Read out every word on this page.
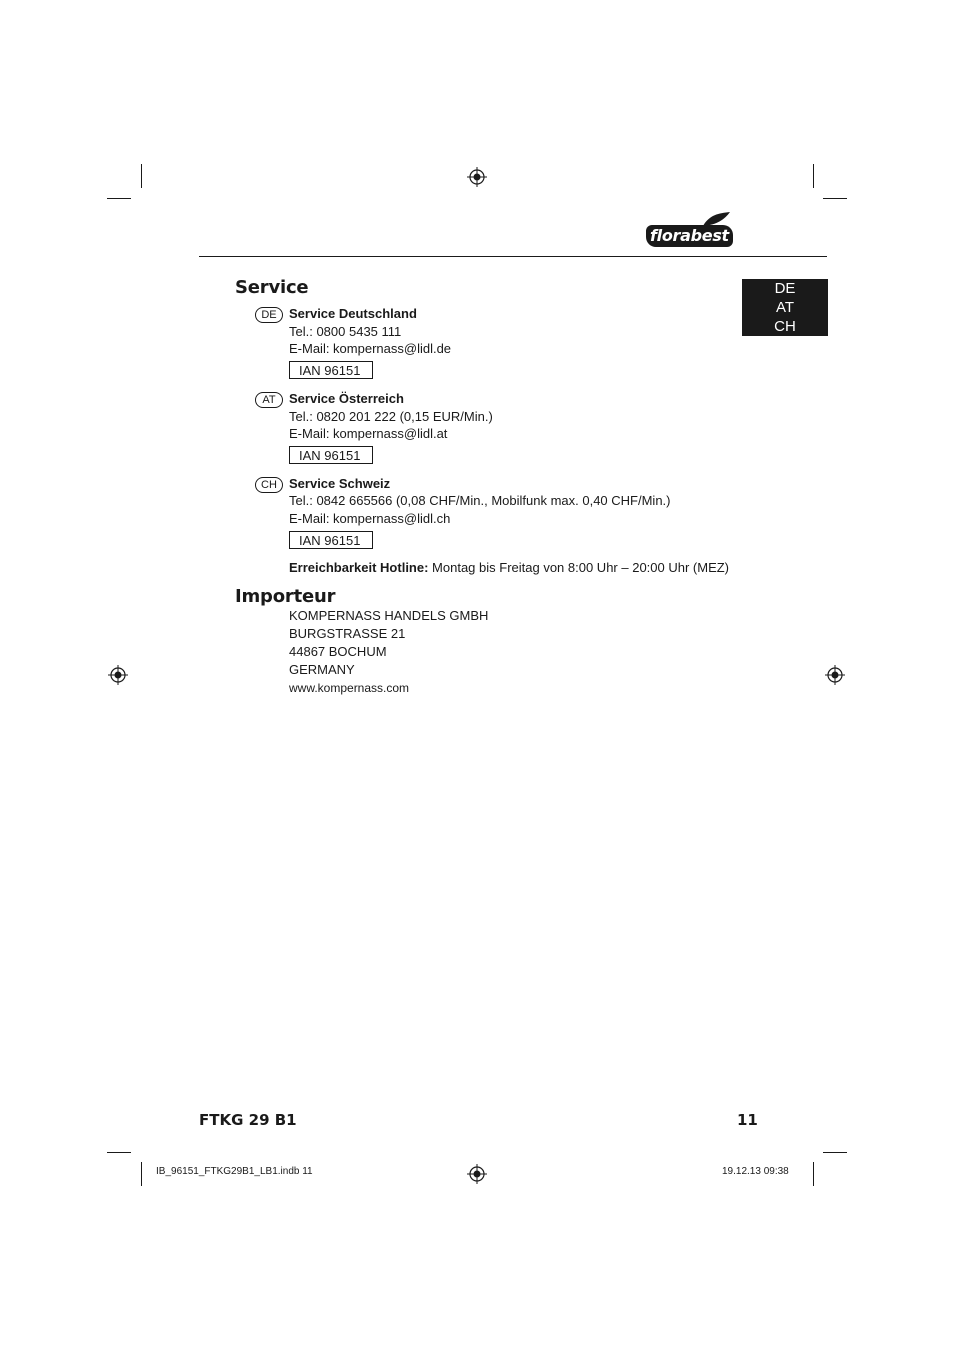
florabest
DE
AT
CH
Service
DE Service Deutschland
Tel.: 0800 5435 111
E-Mail: kompernass@lidl.de
IAN 96151
AT	Service Österreich
Tel.: 0820 201 222 (0,15 EUR/Min.)
E-Mail: kompernass@lidl.at
IAN 96151
CH Service Schweiz
Tel.: 0842 665566 (0,08 CHF/Min., Mobilfunk max. 0,40 CHF/Min.)
E-Mail: kompernass@lidl.ch
IAN 96151
Erreichbarkeit Hotline: Montag bis Freitag von 8:00 Uhr – 20:00 Uhr (MEZ)
Importeur
KOMPERNASS HANDELS GMBH
BURGSTRASSE 21
44867 BOCHUM
GERMANY
www.kompernass.com
FTKG 29 B1	11
IB_96151_FTKG29B1_LB1.indb 11	19.12.13 09:38
